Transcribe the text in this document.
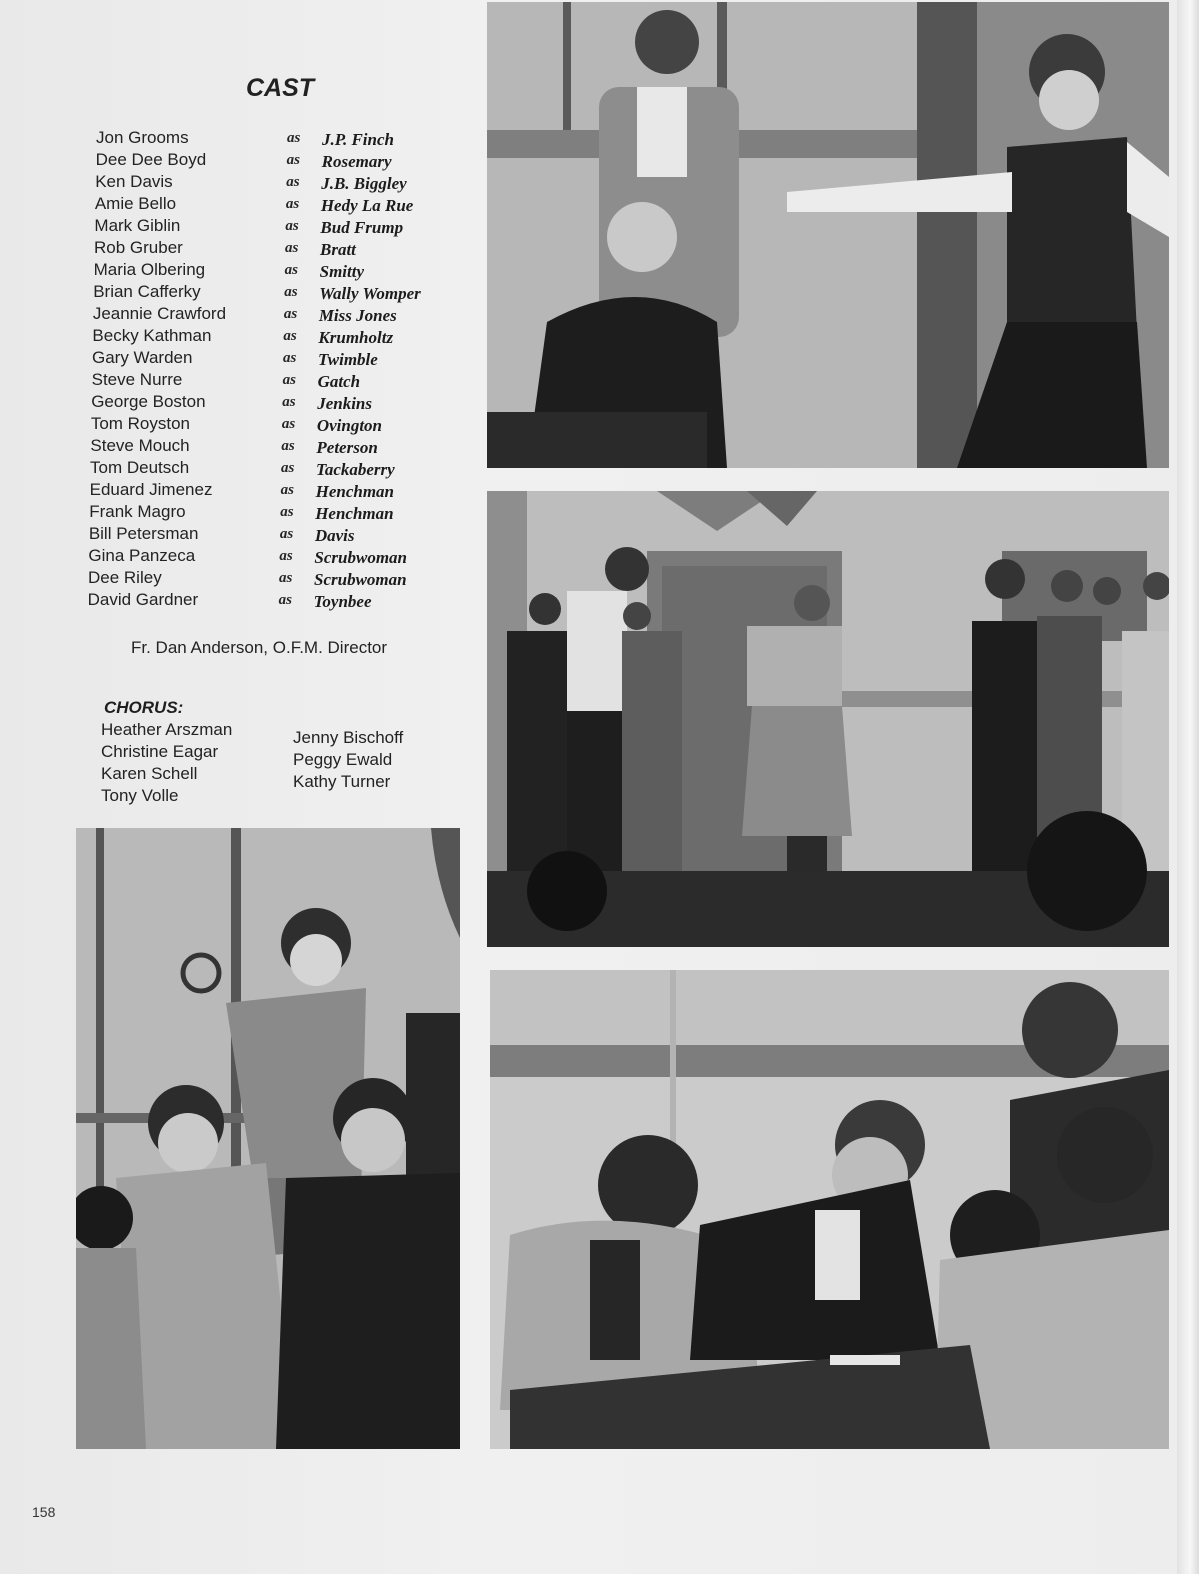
CAST
Jon Grooms	as J.P. Finch
Dee Dee Boyd	as Rosemary
Ken Davis	as J.B. Biggley
Amie Bello	as Hedy La Rue
Mark Giblin	as Bud Frump
Rob Gruber	as Bratt
Maria Olbering	as Smitty
Brian Cafferky	as Wally Womper
Jeannie Crawford	as Miss Jones
Becky Kathman	as Krumholtz
Gary Warden	as Twimble
Steve Nurre	as Gatch
George Boston	as Jenkins
Tom Royston	as Ovington
Steve Mouch	as Peterson
Tom Deutsch	as Tackaberry
Eduard Jimenez	as Henchman
Frank Magro	as Henchman
Bill Petersman	as Davis
Gina Panzeca	as Scrubwoman
Dee Riley	as Scrubwoman
David Gardner	as Toynbee
Fr. Dan Anderson, O.F.M. Director
CHORUS:
Heather Arszman
Christine Eagar
Karen Schell
Tony Volle
Jenny Bischoff
Peggy Ewald
Kathy Turner
158
